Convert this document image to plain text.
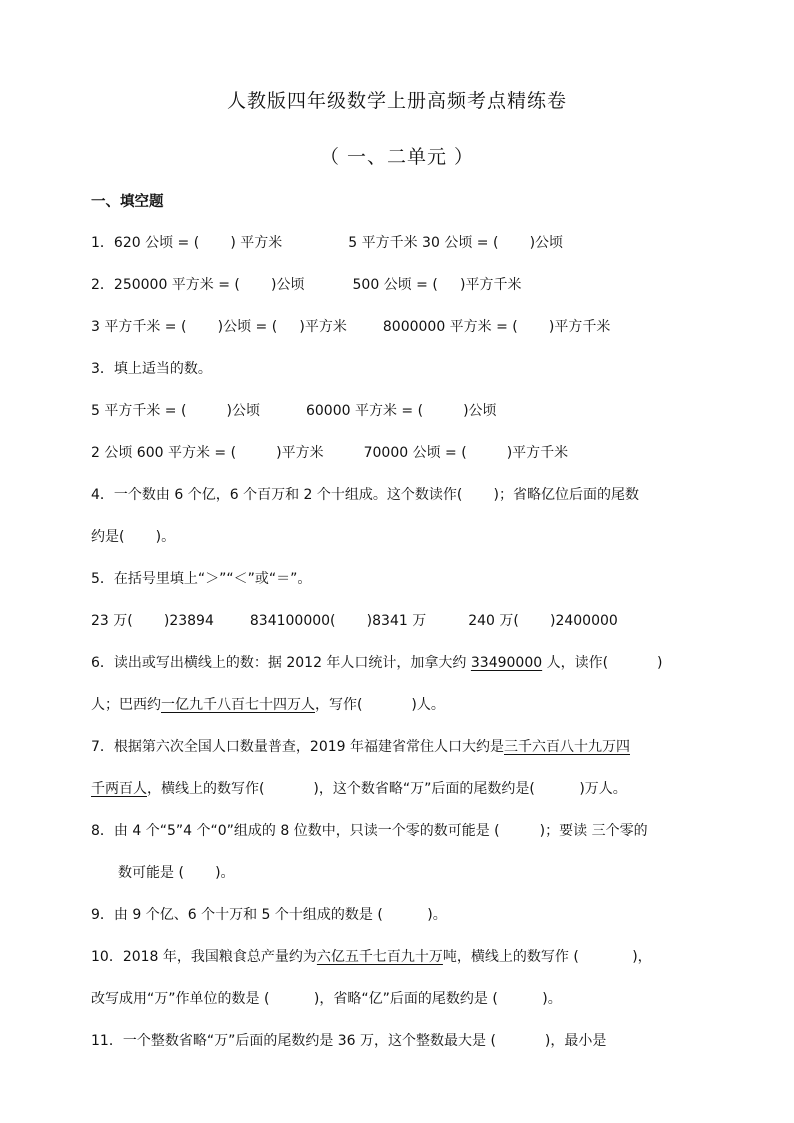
人教版四年级数学上册高频考点精练卷
（ 一、二单元 ）
一、填空题
1．620 公顷 = (       ) 平方米	5 平方千米 30 公顷 = (       )公顷
2．250000 平方米 = (       )公顷	500 公顷 = (     )平方千米
3 平方千米 = (       )公顷 = (     )平方米	8000000 平方米 = (       )平方千米
3．填上适当的数。
5 平方千米 = (         )公顷	60000 平方米 = (         )公顷
2 公顷 600 平方米 = (         )平方米	70000 公顷 = (         )平方千米
4．一个数由 6 个亿，6 个百万和 2 个十组成。这个数读作(       )；省略亿位后面的尾数
约是(       )。
5．在括号里填上“＞”“＜”或“＝”。
23 万(       )23894	834100000(       )8341 万	240 万(       )2400000
6．读出或写出横线上的数：据 2012 年人口统计，加拿大约 33490000 人，读作(           )
人；巴西约一亿九千八百七十四万人，写作(           )人。
7．根据第六次全国人口数量普查，2019 年福建省常住人口大约是三千六百八十九万四
千两百人，横线上的数写作(           )，这个数省略“万”后面的尾数约是(          )万人。
8．由 4 个“5”4 个“0”组成的 8 位数中，只读一个零的数可能是 (         )；要读 三个零的
数可能是 (       )。
9．由 9 个亿、6 个十万和 5 个十组成的数是 (          )。
10．2018 年，我国粮食总产量约为六亿五千七百九十万吨，横线上的数写作 (            )，
改写成用“万”作单位的数是 (          )，省略“亿”后面的尾数约是 (          )。
11．一个整数省略“万”后面的尾数约是 36 万，这个整数最大是 (           )，最小是
